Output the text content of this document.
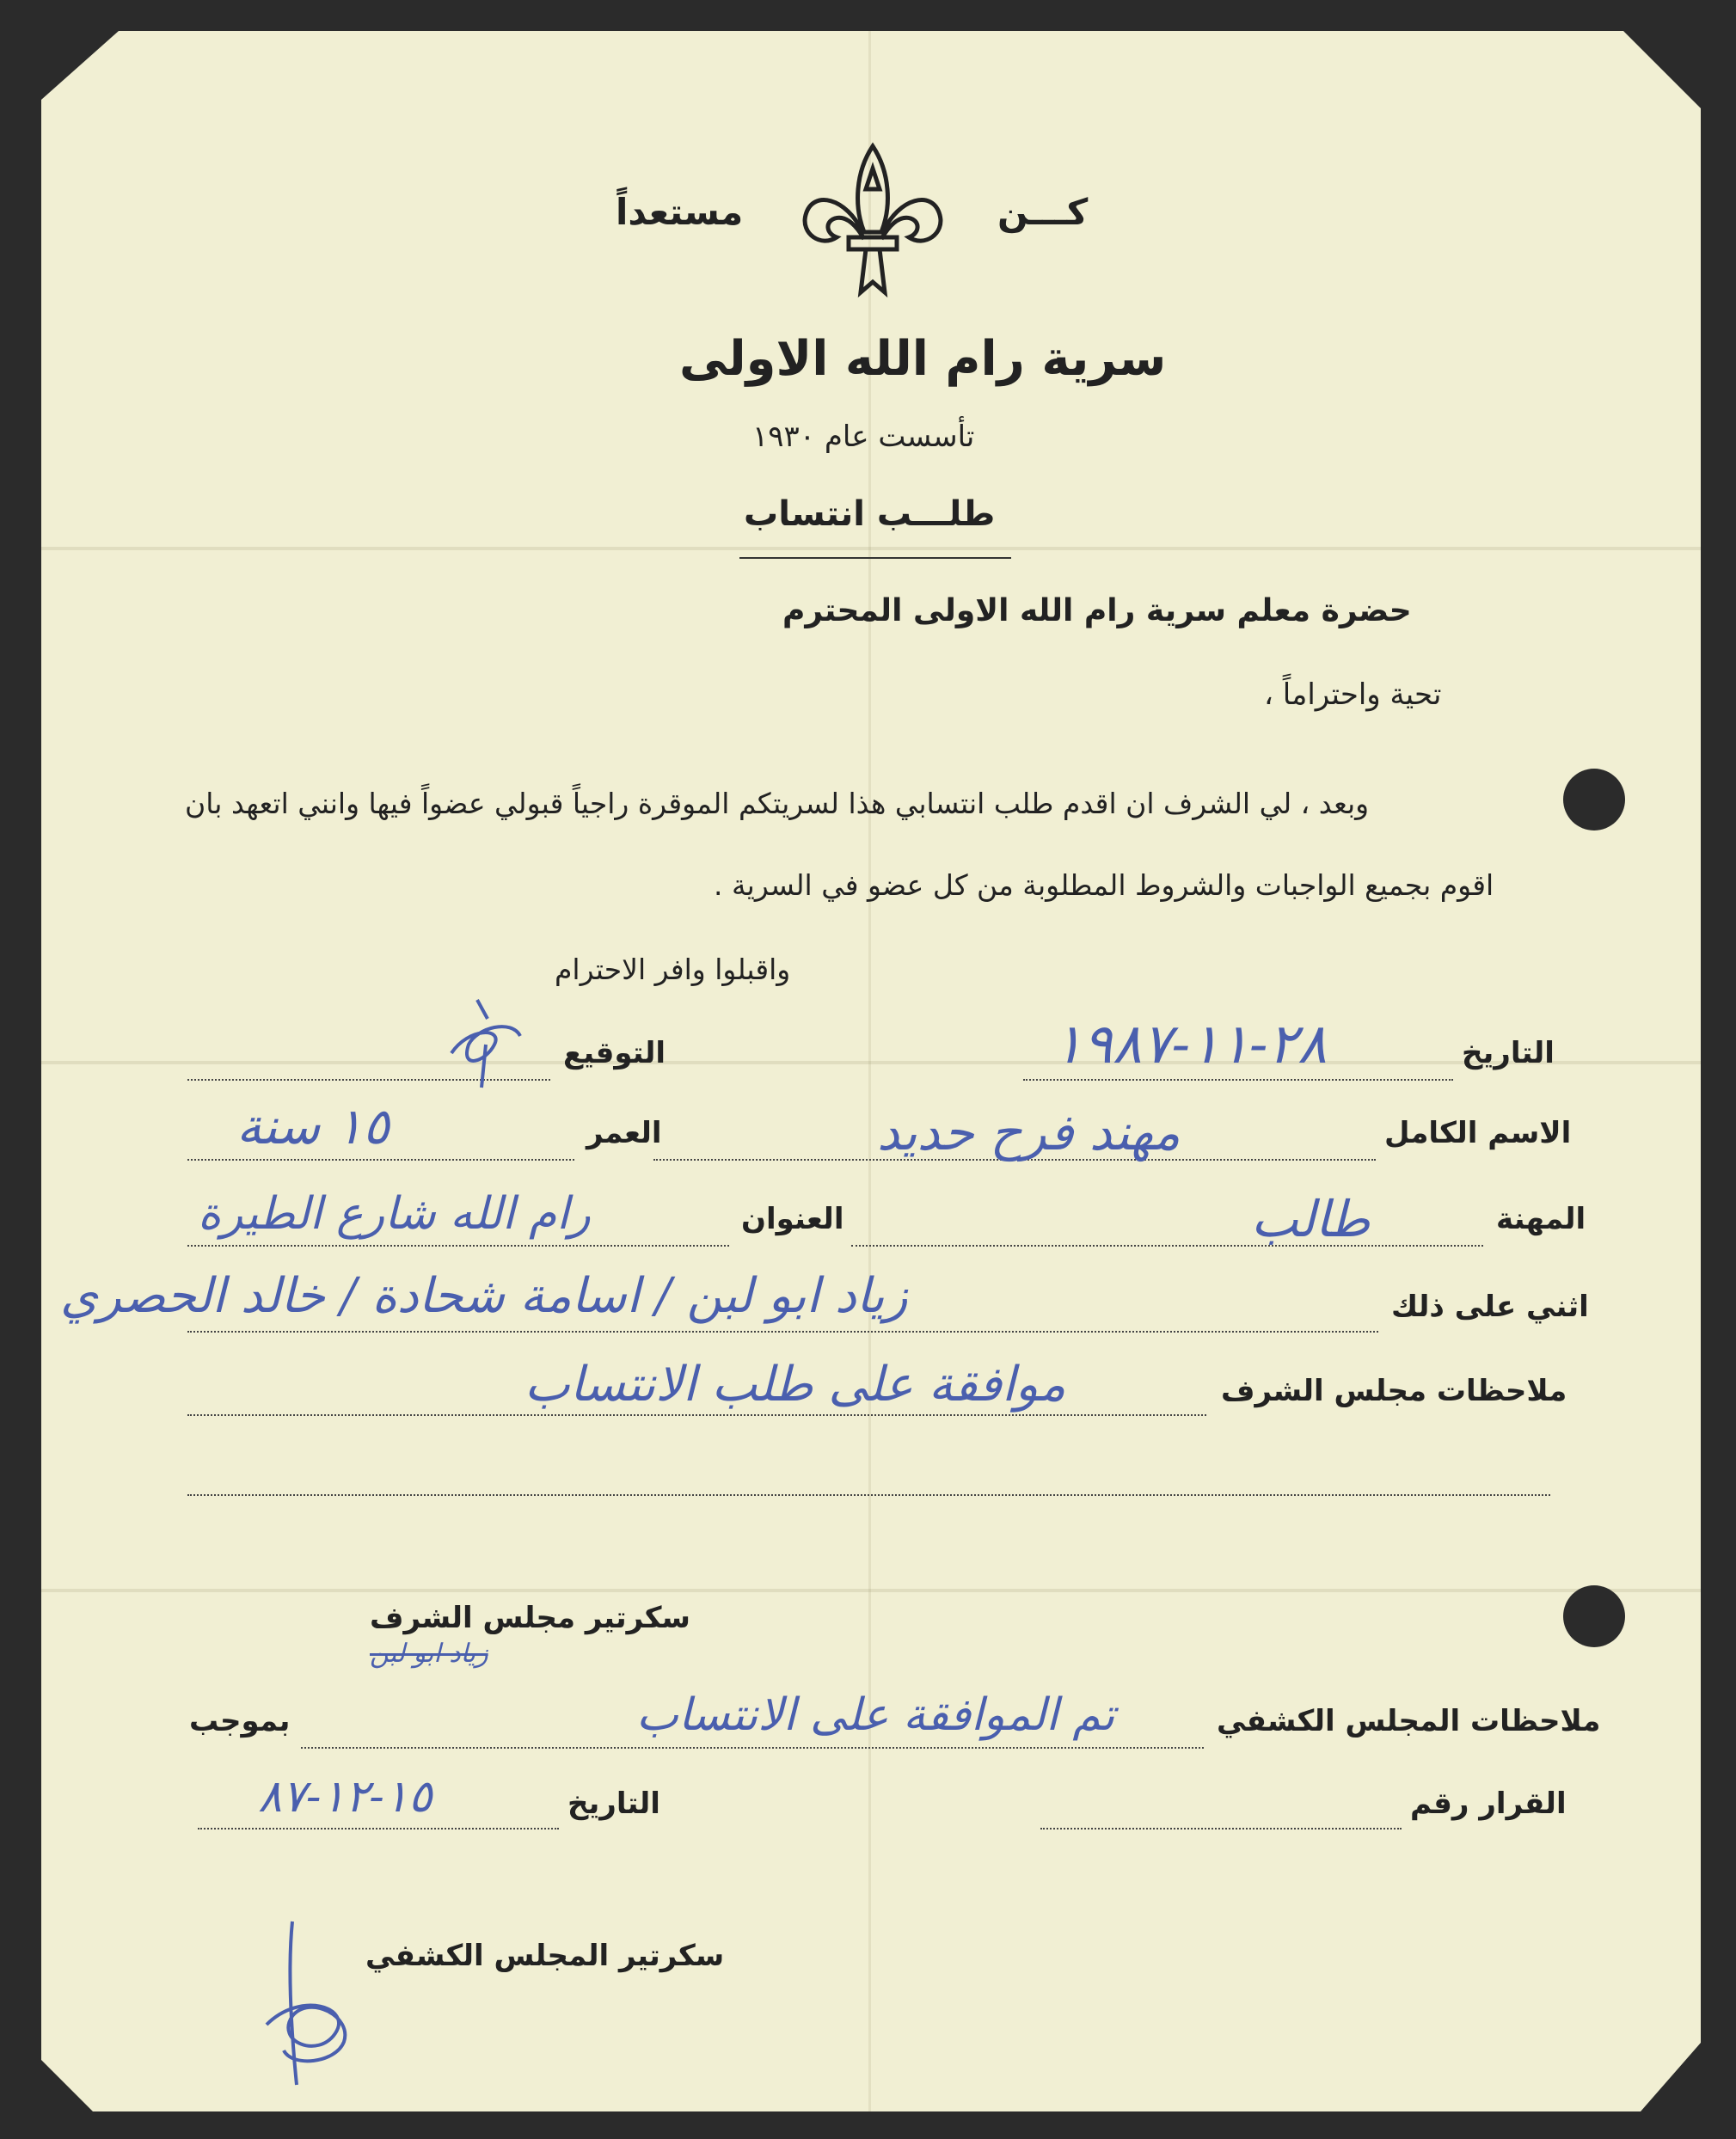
كـــن
مستعداً
سرية رام الله الاولى
تأسست عام ١٩٣٠
طلـــب انتساب
حضرة معلم سرية رام الله الاولى المحترم
تحية واحتراماً ،
وبعد ، لي الشرف ان اقدم طلب انتسابي هذا لسريتكم الموقرة راجياً قبولي عضواً فيها وانني اتعهد بان
اقوم بجميع الواجبات والشروط المطلوبة من كل عضو في السرية .
واقبلوا وافر الاحترام
التاريخ
٢٨-١١-١٩٨٧
التوقيع
الاسم الكامل
مهند فرح حديد
العمر
١٥ سنة
المهنة
طالب
العنوان
رام الله شارع الطيرة
اثني على ذلك
زياد ابو لبن / اسامة شحادة / خالد الحصري
ملاحظات مجلس الشرف
موافقة على طلب الانتساب
سكرتير مجلس الشرف
زياد ابو لبن
ملاحظات المجلس الكشفي
تم الموافقة على الانتساب
بموجب
القرار رقم
التاريخ
١٥-١٢-٨٧
سكرتير المجلس الكشفي
